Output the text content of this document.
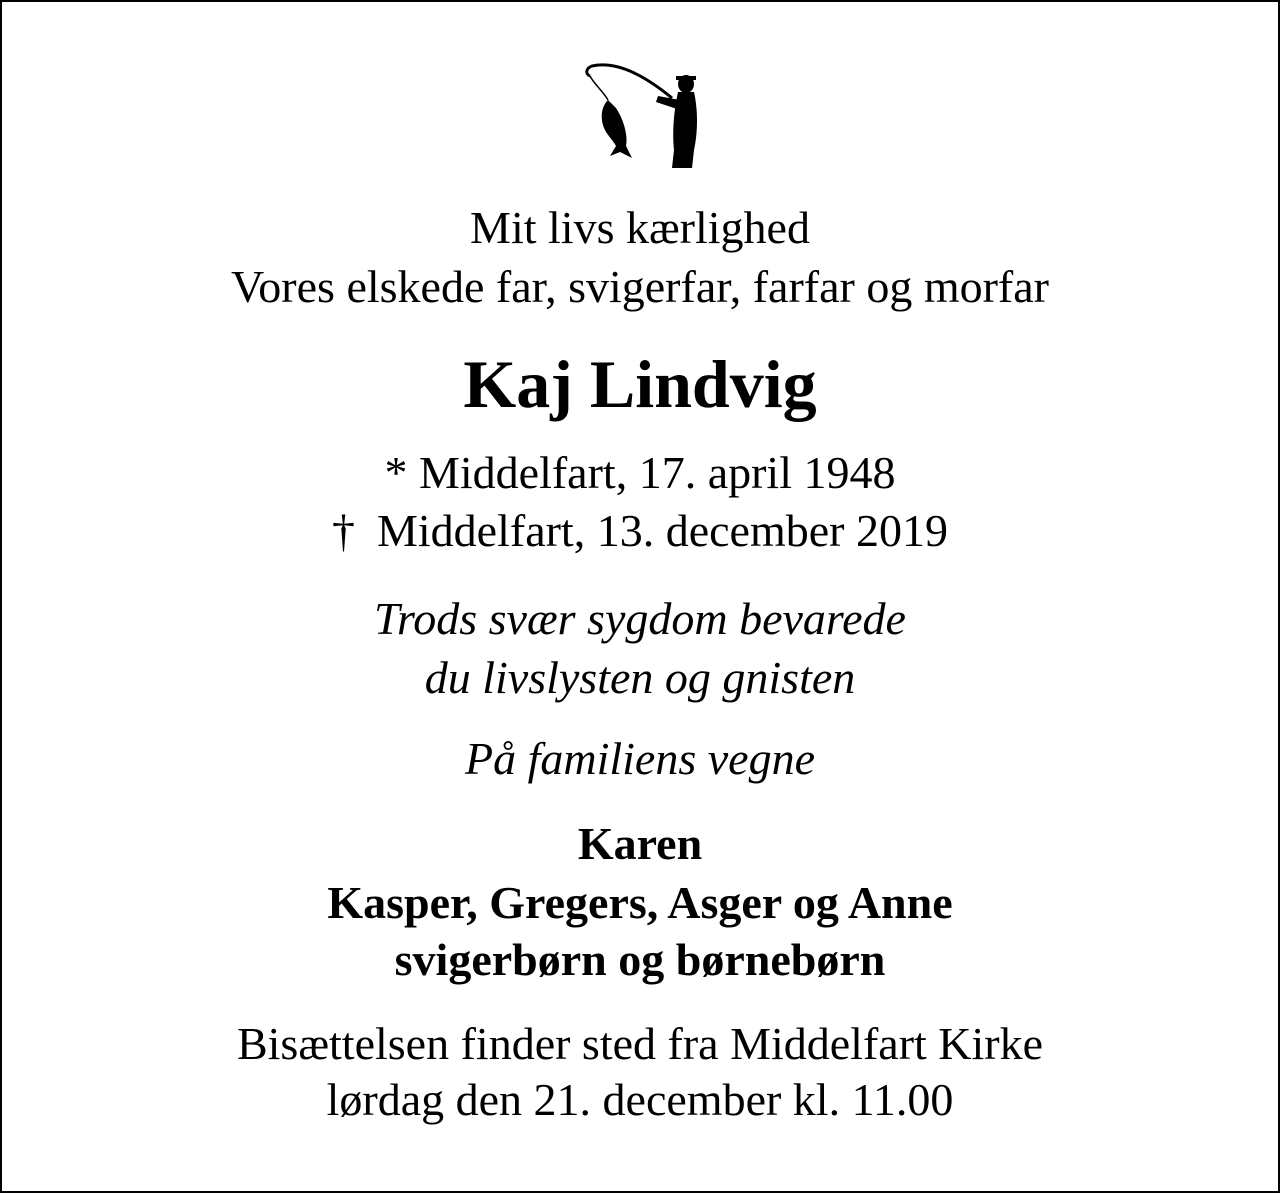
Mit livs kærlighed
Vores elskede far, svigerfar, farfar og morfar
Kaj Lindvig
* Middelfart, 17. april 1948
† Middelfart, 13. december 2019
Trods svær sygdom bevarede
du livslysten og gnisten
På familiens vegne
Karen
Kasper, Gregers, Asger og Anne
svigerbørn og børnebørn
Bisættelsen finder sted fra Middelfart Kirke
lørdag den 21. december kl. 11.00
